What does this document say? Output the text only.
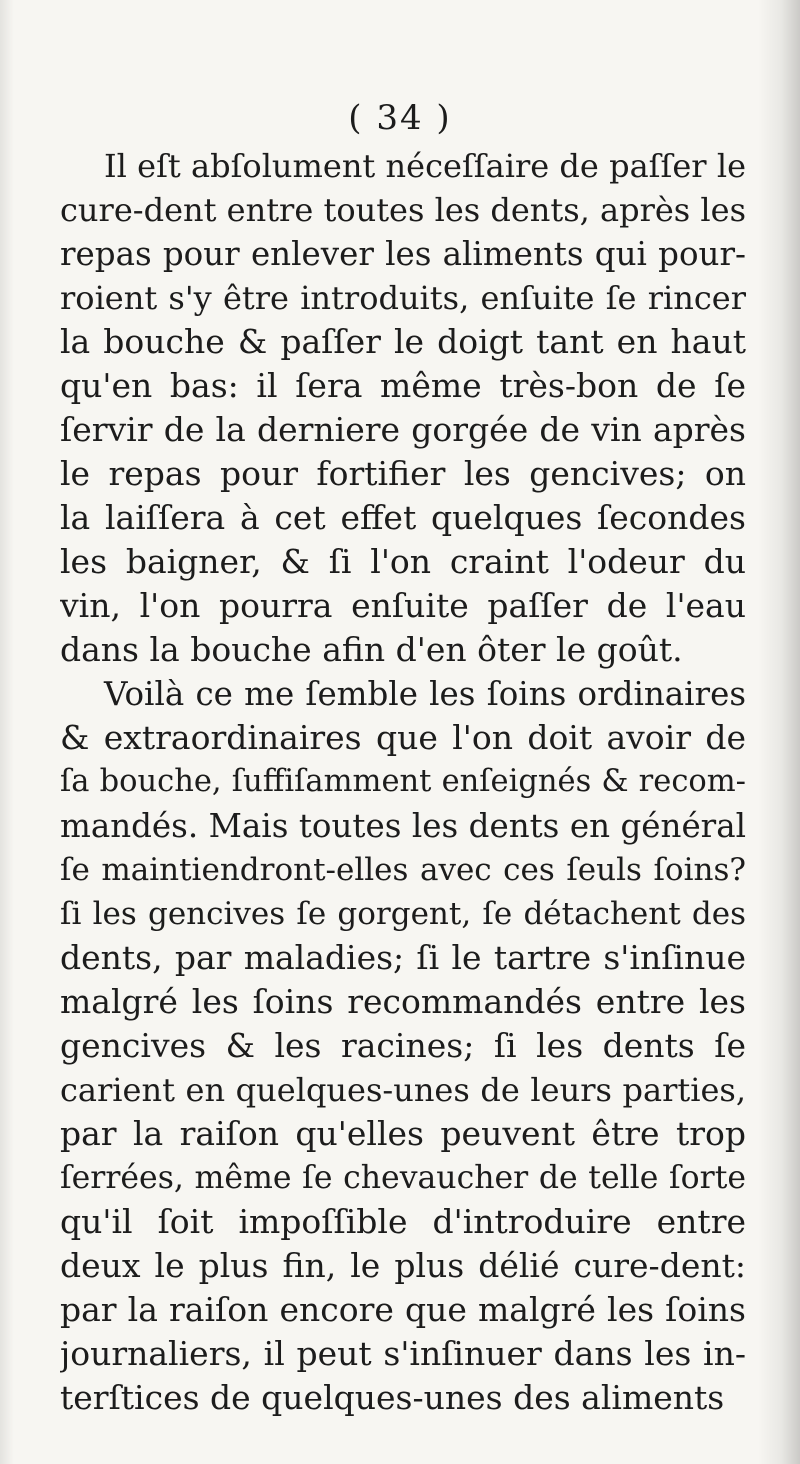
( 34 )
Il eſt abſolument néceſſaire de paſſer le
cure-dent entre toutes les dents, après les
repas pour enlever les aliments qui pour-
roient s'y être introduits, enſuite ſe rincer
la bouche & paſſer le doigt tant en haut
qu'en bas: il ſera même très-bon de ſe
ſervir de la derniere gorgée de vin après
le repas pour fortifier les gencives; on
la laiſſera à cet effet quelques ſecondes
les baigner, & ſi l'on craint l'odeur du
vin, l'on pourra enſuite paſſer de l'eau
dans la bouche afin d'en ôter le goût.
Voilà ce me ſemble les ſoins ordinaires
& extraordinaires que l'on doit avoir de
ſa bouche, ſuffiſamment enſeignés & recom-
mandés. Mais toutes les dents en général
ſe maintiendront-elles avec ces ſeuls ſoins?
ſi les gencives ſe gorgent, ſe détachent des
dents, par maladies; ſi le tartre s'inſinue
malgré les ſoins recommandés entre les
gencives & les racines; ſi les dents ſe
carient en quelques-unes de leurs parties,
par la raiſon qu'elles peuvent être trop
ſerrées, même ſe chevaucher de telle ſorte
qu'il ſoit impoſſible d'introduire entre
deux le plus fin, le plus délié cure-dent:
par la raiſon encore que malgré les ſoins
journaliers, il peut s'inſinuer dans les in-
terſtices de quelques-unes des aliments
